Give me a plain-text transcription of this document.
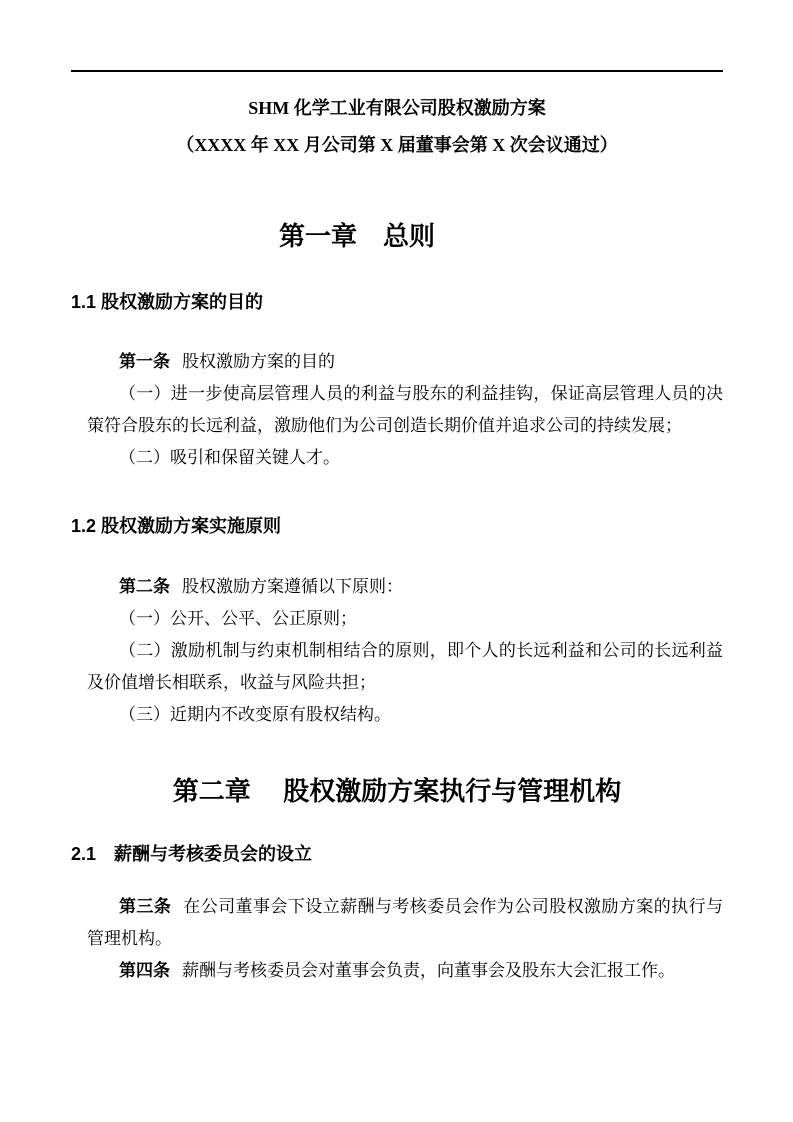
SHM 化学工业有限公司股权激励方案
（XXXX 年 XX 月公司第 X 届董事会第 X 次会议通过）
第一章　总则
1.1 股权激励方案的目的

第一条 股权激励方案的目的

（一）进一步使高层管理人员的利益与股东的利益挂钩，保证高层管理人员的决策符合股东的长远利益，激励他们为公司创造长期价值并追求公司的持续发展；

（二）吸引和保留关键人才。

1.2 股权激励方案实施原则

第二条 股权激励方案遵循以下原则：

（一）公开、公平、公正原则；

（二）激励机制与约束机制相结合的原则，即个人的长远利益和公司的长远利益及价值增长相联系，收益与风险共担；

（三）近期内不改变原有股权结构。

第二章　 股权激励方案执行与管理机构
2.1　薪酬与考核委员会的设立

第三条 在公司董事会下设立薪酬与考核委员会作为公司股权激励方案的执行与管理机构。

第四条 薪酬与考核委员会对董事会负责，向董事会及股东大会汇报工作。
